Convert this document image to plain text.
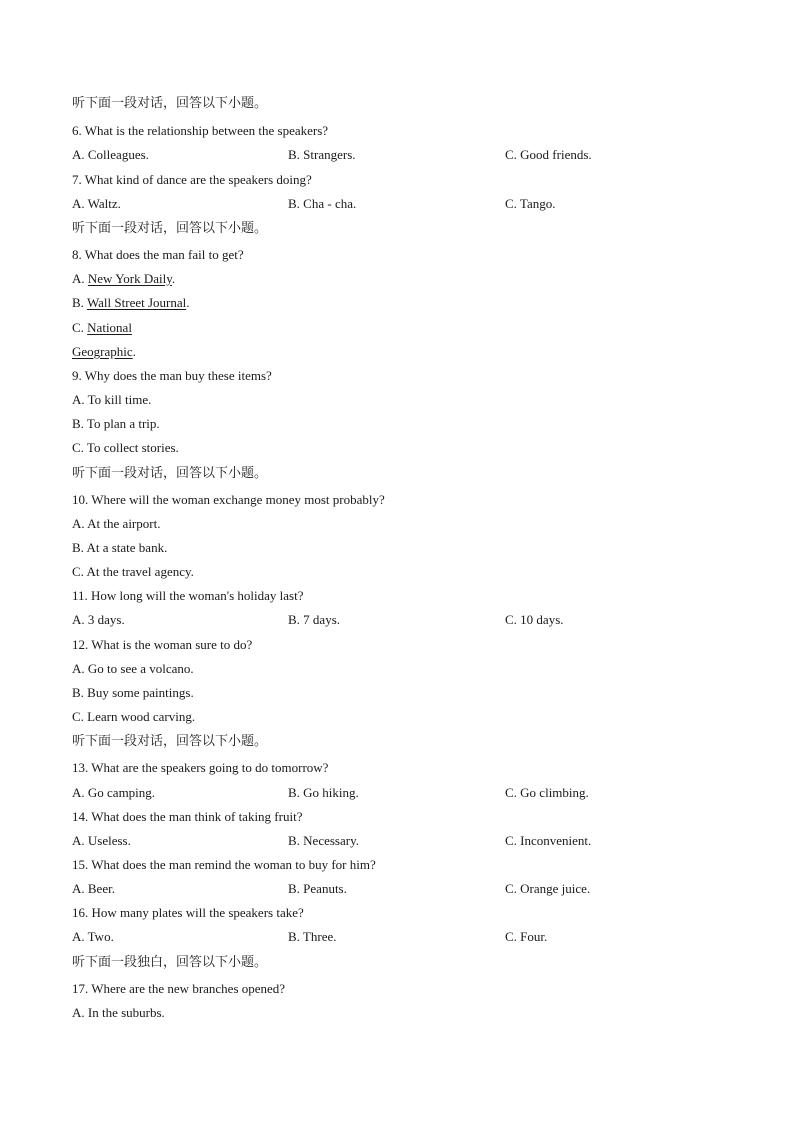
听下面一段对话，回答以下小题。
6. What is the relationship between the speakers?
A. Colleagues.	B. Strangers.	C. Good friends.
7. What kind of dance are the speakers doing?
A. Waltz.	B. Cha - cha.	C. Tango.
听下面一段对话，回答以下小题。
8. What does the man fail to get?
A. New York Daily.
B. Wall Street Journal.
C. National
Geographic.
9. Why does the man buy these items?
A. To kill time.
B. To plan a trip.
C. To collect stories.
听下面一段对话，回答以下小题。
10. Where will the woman exchange money most probably?
A. At the airport.
B. At a state bank.
C. At the travel agency.
11. How long will the woman's holiday last?
A. 3 days.	B. 7 days.	C. 10 days.
12. What is the woman sure to do?
A. Go to see a volcano.
B. Buy some paintings.
C. Learn wood carving.
听下面一段对话，回答以下小题。
13. What are the speakers going to do tomorrow?
A. Go camping.	B. Go hiking.	C. Go climbing.
14. What does the man think of taking fruit?
A. Useless.	B. Necessary.	C. Inconvenient.
15. What does the man remind the woman to buy for him?
A. Beer.	B. Peanuts.	C. Orange juice.
16. How many plates will the speakers take?
A. Two.	B. Three.	C. Four.
听下面一段独白，回答以下小题。
17. Where are the new branches opened?
A. In the suburbs.
